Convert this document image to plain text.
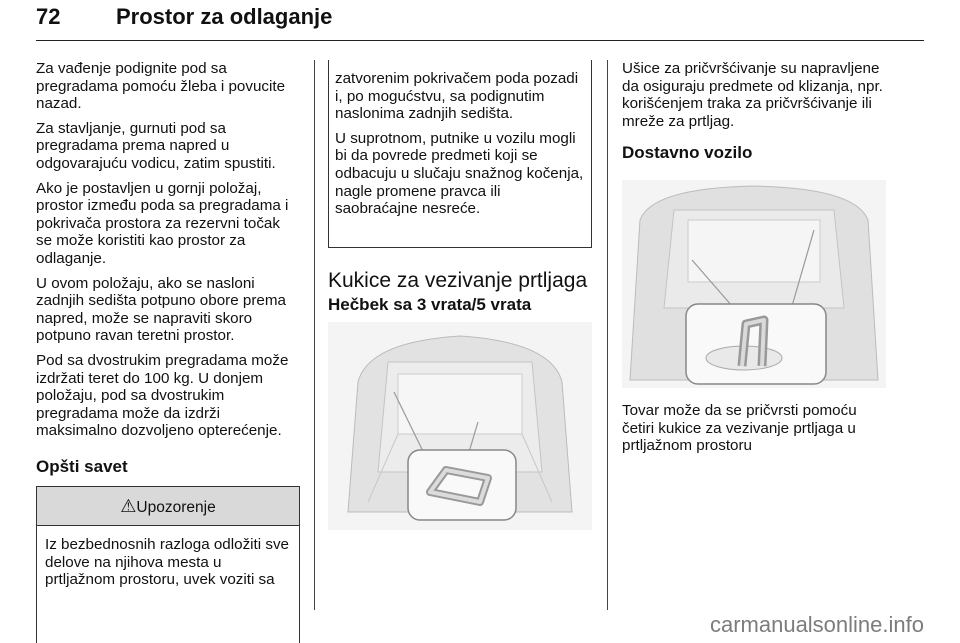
72	Prostor za odlaganje

Za vađenje podignite pod sa pregradama pomoću žleba i povucite nazad.

Za stavljanje, gurnuti pod sa pregradama prema napred u odgovarajuću vodicu, zatim spustiti.

Ako je postavljen u gornji položaj, prostor između poda sa pregradama i pokrivača prostora za rezervni točak se može koristiti kao prostor za odlaganje.

U ovom položaju, ako se nasloni zadnjih sedišta potpuno obore prema napred, može se napraviti skoro potpuno ravan teretni prostor.

Pod sa dvostrukim pregradama može izdržati teret do 100 kg. U donjem položaju, pod sa dvostrukim pregradama može da izdrži maksimalno dozvoljeno opterećenje.

Opšti savet
⚠Upozorenje
Iz bezbednosnih razloga odložiti sve delove na njihova mesta u prtljažnom prostoru, uvek voziti sa

zatvorenim pokrivačem poda pozadi i, po mogućstvu, sa podignutim naslonima zadnjih sedišta.

U suprotnom, putnike u vozilu mogli bi da povrede predmeti koji se odbacuju u slučaju snažnog kočenja, nagle promene pravca ili saobraćajne nesreće.

Kukice za vezivanje prtljaga
Hečbek sa 3 vrata/5 vrata

Ušice za pričvršćivanje su napravljene da osiguraju predmete od klizanja, npr. korišćenjem traka za pričvršćivanje ili mreže za prtljag.

Dostavno vozilo

Tovar može da se pričvrsti pomoću četiri kukice za vezivanje prtljaga u prtljažnom prostoru

carmanualsonline.info
